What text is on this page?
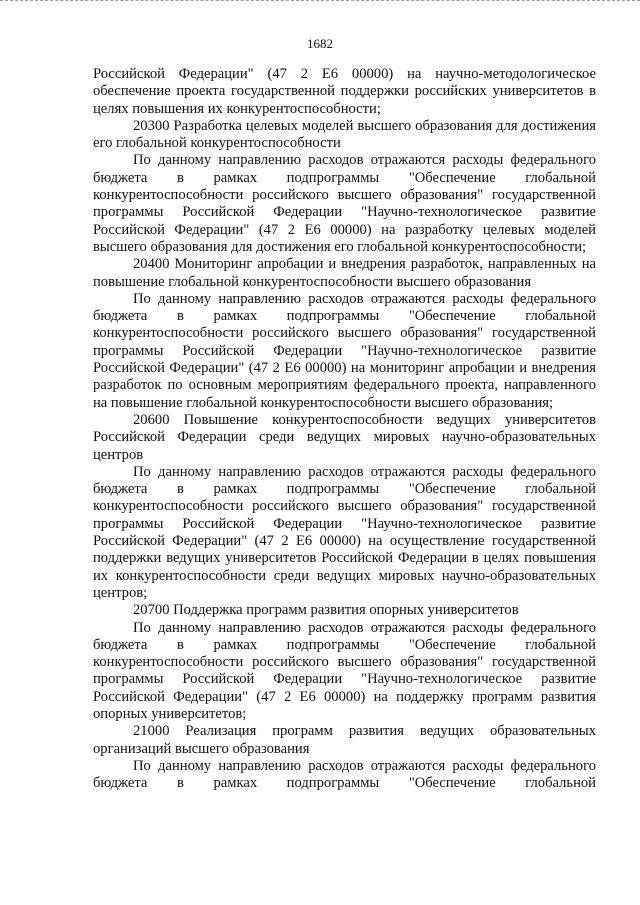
1682

Российской Федерации" (47 2 Е6 00000) на научно-методологическое обеспечение проекта государственной поддержки российских университетов в целях повышения их конкурентоспособности;

20300 Разработка целевых моделей высшего образования для достижения его глобальной конкурентоспособности

По данному направлению расходов отражаются расходы федерального бюджета в рамках подпрограммы "Обеспечение глобальной конкурентоспособности российского высшего образования" государственной программы Российской Федерации "Научно-технологическое развитие Российской Федерации" (47 2 Е6 00000) на разработку целевых моделей высшего образования для достижения его глобальной конкурентоспособности;

20400 Мониторинг апробации и внедрения разработок, направленных на повышение глобальной конкурентоспособности высшего образования

По данному направлению расходов отражаются расходы федерального бюджета в рамках подпрограммы "Обеспечение глобальной конкурентоспособности российского высшего образования" государственной программы Российской Федерации "Научно-технологическое развитие Российской Федерации" (47 2 Е6 00000) на мониторинг апробации и внедрения разработок по основным мероприятиям федерального проекта, направленного на повышение глобальной конкурентоспособности высшего образования;

20600 Повышение конкурентоспособности ведущих университетов Российской Федерации среди ведущих мировых научно-образовательных центров

По данному направлению расходов отражаются расходы федерального бюджета в рамках подпрограммы "Обеспечение глобальной конкурентоспособности российского высшего образования" государственной программы Российской Федерации "Научно-технологическое развитие Российской Федерации" (47 2 Е6 00000) на осуществление государственной поддержки ведущих университетов Российской Федерации в целях повышения их конкурентоспособности среди ведущих мировых научно-образовательных центров;

20700 Поддержка программ развития опорных университетов

По данному направлению расходов отражаются расходы федерального бюджета в рамках подпрограммы "Обеспечение глобальной конкурентоспособности российского высшего образования" государственной программы Российской Федерации "Научно-технологическое развитие Российской Федерации" (47 2 Е6 00000) на поддержку программ развития опорных университетов;

21000 Реализация программ развития ведущих образовательных организаций высшего образования

По данному направлению расходов отражаются расходы федерального бюджета в рамках подпрограммы "Обеспечение глобальной
